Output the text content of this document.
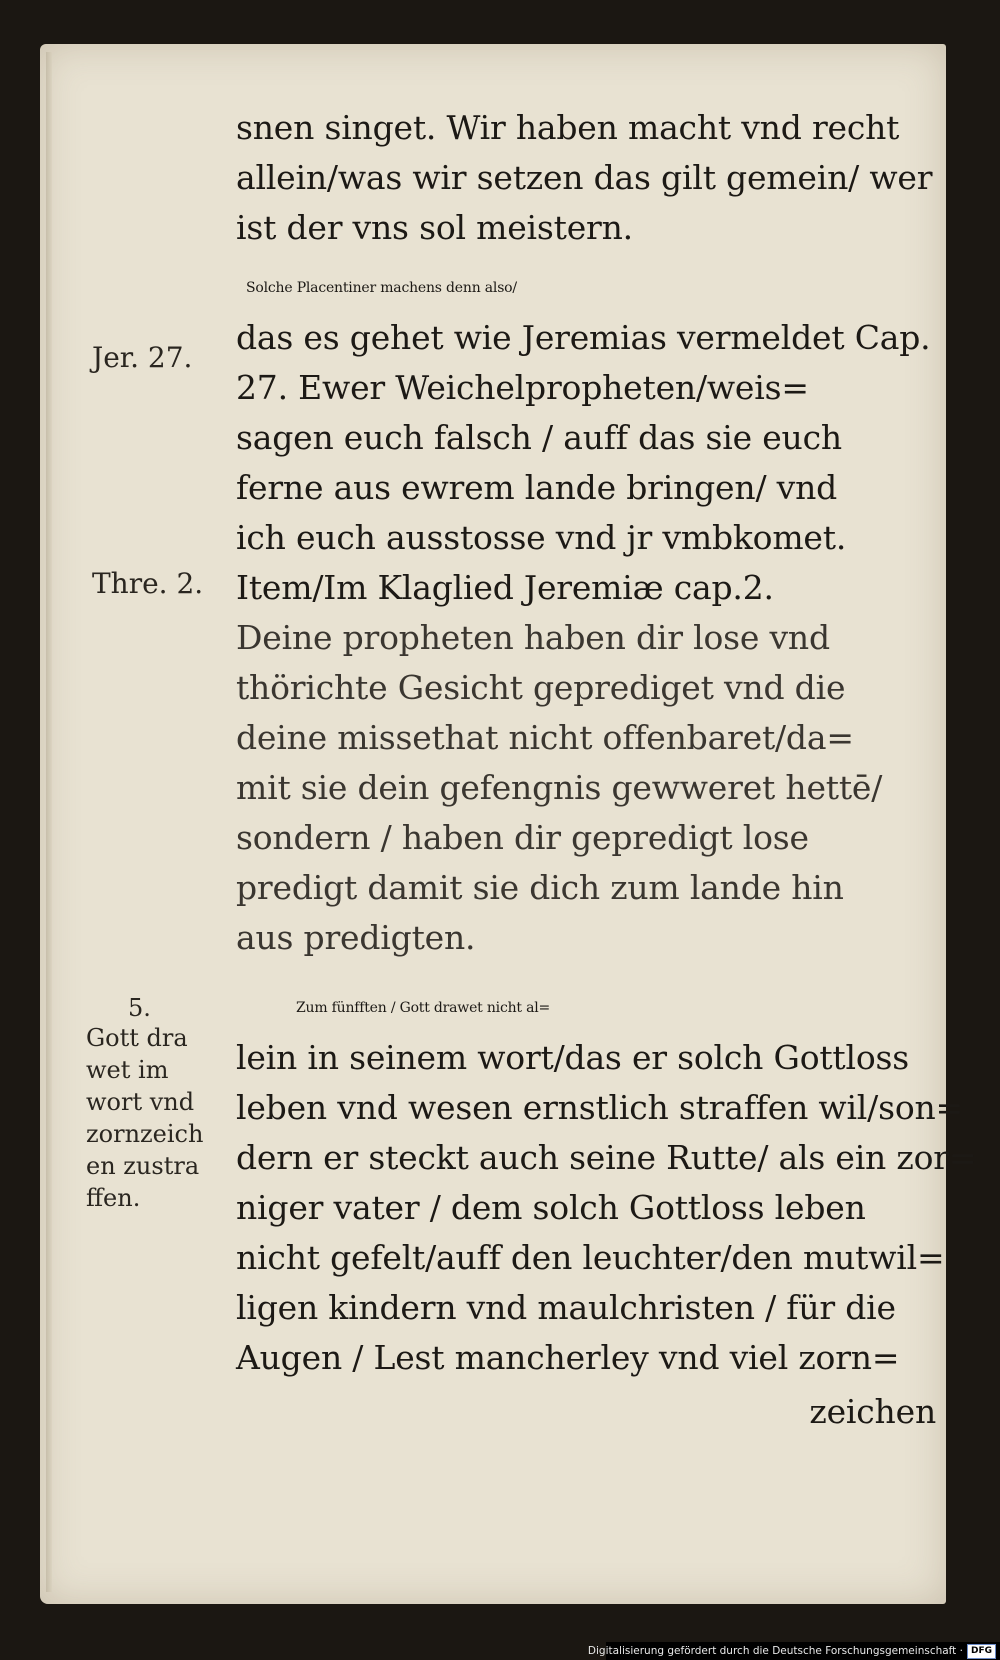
snen singet. Wir haben macht vnd recht
allein/was wir setzen das gilt gemein/ wer
ist der vns sol meistern.
Solche Placentiner machens denn also/
das es gehet wie Jeremias vermeldet Cap.
27. Ewer Weichelpropheten/weis=
sagen euch falsch / auff das sie euch
ferne aus ewrem lande bringen/ vnd
ich euch ausstosse vnd jr vmbkomet.
Item/Im Klaglied Jeremiæ cap.2.
Deine propheten haben dir lose vnd
thörichte Gesicht geprediget vnd die
deine missethat nicht offenbaret/da=
mit sie dein gefengnis gewweret hettē/
sondern / haben dir gepredigt lose
predigt damit sie dich zum lande hin
aus predigten.
Zum fünfften / Gott drawet nicht al=
lein in seinem wort/das er solch Gottloss
leben vnd wesen ernstlich straffen wil/son=
dern er steckt auch seine Rutte/ als ein zor=
niger vater / dem solch Gottloss leben
nicht gefelt/auff den leuchter/den mutwil=
ligen kindern vnd maulchristen / für die
Augen / Lest mancherley vnd viel zorn=
zeichen
Jer. 27.
Thre. 2.
5.
Gott dra
wet im
wort vnd
zornzeich
en zustra
ffen.
Digitalisierung gefördert durch die Deutsche Forschungsgemeinschaft · DFG
